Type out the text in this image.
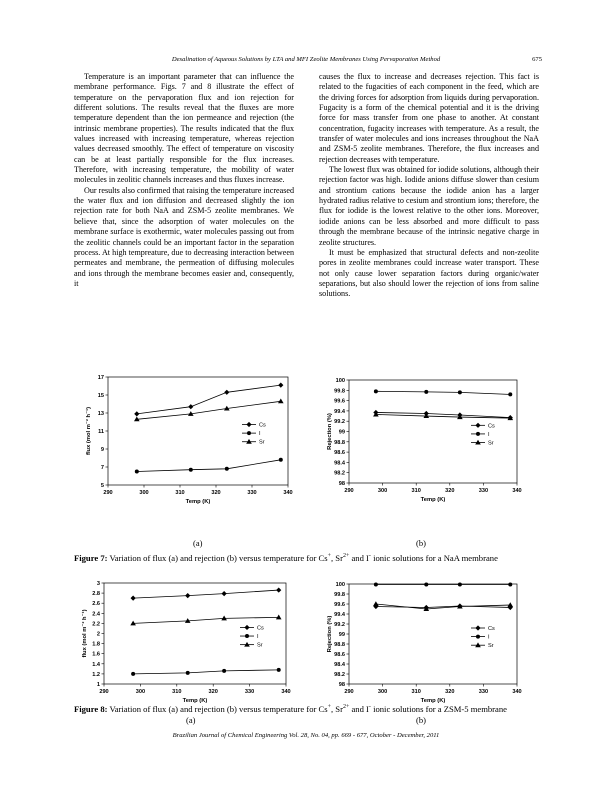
Desalination of Aqueous Solutions by LTA and MFI Zeolite Membranes Using Pervaporation Method	675

Temperature is an important parameter that can influence the membrane performance. Figs. 7 and 8 illustrate the effect of temperature on the pervaporation flux and ion rejection for different solutions. The results reveal that the fluxes are more temperature dependent than the ion permeance and rejection (the intrinsic membrane properties). The results indicated that the flux values increased with increasing temperature, whereas rejection values decreased smoothly. The effect of temperature on viscosity can be at least partially responsible for the flux increases. Therefore, with increasing temperature, the mobility of water molecules in zeolitic channels increases and thus fluxes increase.

Our results also confirmed that raising the temperature increased the water flux and ion diffusion and decreased slightly the ion rejection rate for both NaA and ZSM-5 zeolite membranes. We believe that, since the adsorption of water molecules on the membrane surface is exothermic, water molecules passing out from the zeolitic channels could be an important factor in the separation process. At high tempreature, due to decreasing interaction between permeates and membrane, the permeation of diffusing molecules and ions through the membrane becomes easier and, consequently, it

causes the flux to increase and decreases rejection. This fact is related to the fugacities of each component in the feed, which are the driving forces for adsorption from liquids during pervaporation. Fugacity is a form of the chemical potential and it is the driving force for mass transfer from one phase to another. At constant concentration, fugacity increases with temperature. As a result, the transfer of water molecules and ions increases throughout the NaA and ZSM-5 zeolite membranes. Therefore, the flux increases and rejection decreases with temperature.

The lowest flux was obtained for iodide solutions, although their rejection factor was high. Iodide anions diffuse slower than cesium and strontium cations because the iodide anion has a larger hydrated radius relative to cesium and strontium ions; therefore, the flux for iodide is the lowest relative to the other ions. Moreover, iodide anions can be less absorbed and more difficult to pass through the membrane because of the intrinsic negative charge in zeolite structures.

It must be emphasized that structural defects and non-zeolite pores in zeolite membranes could increase water transport. These not only cause lower separation factors during organic/water separations, but also should lower the rejection of ions from saline solutions.

5
7
9
11
13
15
17
290	300	310	320	330	340
Temp (K)
flux (mol m⁻² h⁻¹)	Cs
I
Sr
98
98.2
98.4
98.6
98.8
99
99.2
99.4
99.6
99.8
100
290	300	310	320	330	340
Temp (K)
Rejection (%)	Cs
I
Sr
(a)	(b)
Figure 7: Variation of flux (a) and rejection (b) versus temperature for Cs+, $Sr^{2+}$ and I- ionic solutions for a NaA membrane
1
1.2
1.4
1.6
1.8
2
2.2
2.4
2.6
2.8
3
290	300	310	320	330	340
Temp (K)
flux (mol m⁻² h⁻¹)	Cs
I
Sr
98
98.2
98.4
98.6
98.8
99
99.2
99.4
99.6
99.8
100
290	300	310	320	330	340
Temp (K)
Rejection (%)	Cs
I
Sr
(a)	(b)
Figure 8: Variation of flux (a) and rejection (b) versus temperature for Cs+, $Sr^{2+}$ and I- ionic solutions for a ZSM-5 membrane
Brazilian Journal of Chemical Engineering Vol. 28, No. 04, pp. 669 - 677, October - December, 2011
